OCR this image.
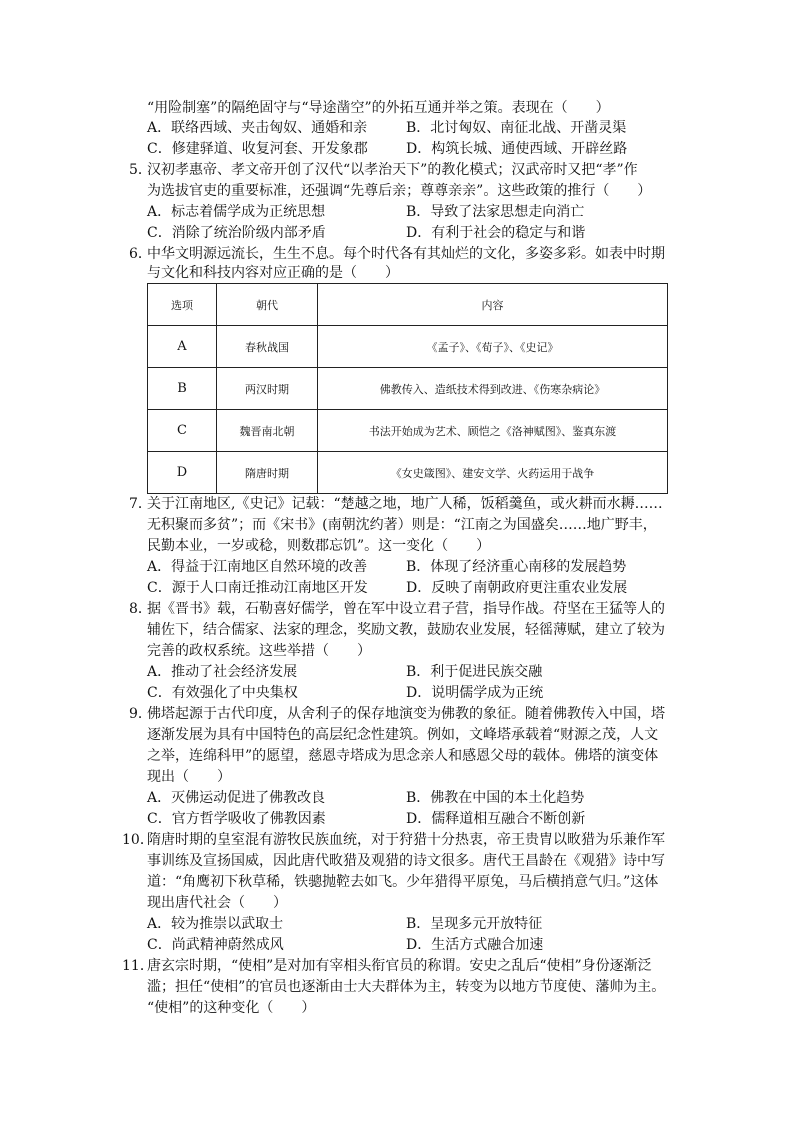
“用险制塞”的隔绝固守与“导途凿空”的外拓互通并举之策。表现在（　　）
A．联络西域、夹击匈奴、通婚和亲	B．北讨匈奴、南征北战、开凿灵渠
C．修建驿道、收复河套、开发象郡	D．构筑长城、通使西域、开辟丝路
5．
汉初孝惠帝、孝文帝开创了汉代“以孝治天下”的教化模式；汉武帝时又把“孝”作
为选拔官吏的重要标准，还强调“先尊后亲；尊尊亲亲”。这些政策的推行（　　）
A．标志着儒学成为正统思想	B．导致了法家思想走向消亡
C．消除了统治阶级内部矛盾	D．有利于社会的稳定与和谐
6．
中华文明源远流长，生生不息。每个时代各有其灿烂的文化，多姿多彩。如表中时期
与文化和科技内容对应正确的是（　　）
选项	朝代	内容
A	春秋战国	《孟子》、《荀子》、《史记》
B	两汉时期	佛教传入、造纸技术得到改进、《伤寒杂病论》
C	魏晋南北朝	书法开始成为艺术、顾恺之《洛神赋图》、鉴真东渡
D	隋唐时期	《女史箴图》、建安文学、火药运用于战争
7．
关于江南地区,《史记》记载：“楚越之地，地广人稀，饭稻羹鱼，或火耕而水耨……
无积聚而多贫”；而《宋书》(南朝沈约著）则是：“江南之为国盛矣……地广野丰，
民勤本业，一岁或稔，则数郡忘饥”。这一变化（　　）
A．得益于江南地区自然环境的改善	B．体现了经济重心南移的发展趋势
C．源于人口南迁推动江南地区开发	D．反映了南朝政府更注重农业发展
8．
据《晋书》载，石勒喜好儒学，曾在军中设立君子营，指导作战。苻坚在王猛等人的
辅佐下，结合儒家、法家的理念，奖励文教，鼓励农业发展，轻徭薄赋，建立了较为
完善的政权系统。这些举措（　　）
A．推动了社会经济发展	B．利于促进民族交融
C．有效强化了中央集权	D．说明儒学成为正统
9．
佛塔起源于古代印度，从舍利子的保存地演变为佛教的象征。随着佛教传入中国，塔
逐渐发展为具有中国特色的高层纪念性建筑。例如，文峰塔承载着“财源之茂，人文
之举，连绵科甲”的愿望，慈恩寺塔成为思念亲人和感恩父母的载体。佛塔的演变体
现出（　　）
A．灭佛运动促进了佛教改良	B．佛教在中国的本土化趋势
C．官方哲学吸收了佛教因素	D．儒释道相互融合不断创新
10．
隋唐时期的皇室混有游牧民族血统，对于狩猎十分热衷，帝王贵胄以畋猎为乐兼作军
事训练及宣扬国威，因此唐代畋猎及观猎的诗文很多。唐代王昌龄在《观猎》诗中写
道：“角鹰初下秋草稀，铁骢抛鞚去如飞。少年猎得平原兔，马后横捎意气归。”这体
现出唐代社会（　　）
A．较为推崇以武取士	B．呈现多元开放特征
C．尚武精神蔚然成风	D．生活方式融合加速
11．
唐玄宗时期，“使相”是对加有宰相头衔官员的称谓。安史之乱后“使相”身份逐渐泛
滥；担任“使相”的官员也逐渐由士大夫群体为主，转变为以地方节度使、藩帅为主。
“使相”的这种变化（　　）
